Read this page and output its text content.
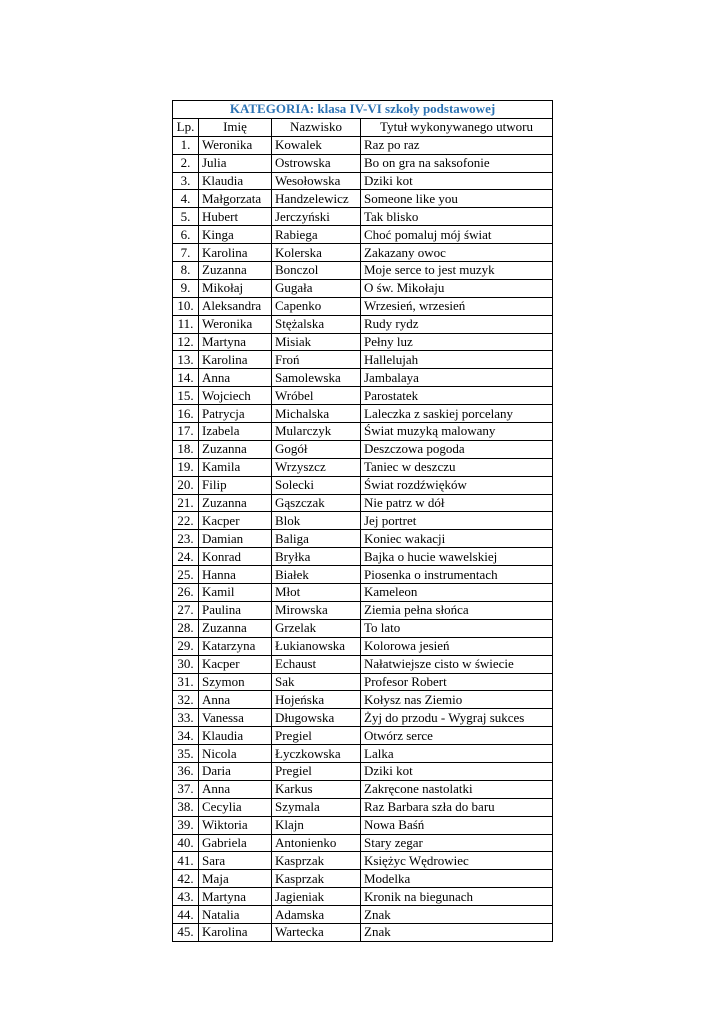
KATEGORIA: klasa IV-VI szkoły podstawowej			
Lp.	Imię	Nazwisko	Tytuł wykonywanego utworu
1.	Weronika	Kowalek	Raz po raz
2.	Julia	Ostrowska	Bo on gra na saksofonie
3.	Klaudia	Wesołowska	Dziki kot
4.	Małgorzata	Handzelewicz	Someone like you
5.	Hubert	Jerczyński	Tak blisko
6.	Kinga	Rabiega	Choć pomaluj mój świat
7.	Karolina	Kolerska	Zakazany owoc
8.	Zuzanna	Bonczol	Moje serce to jest muzyk
9.	Mikołaj	Gugała	O św. Mikołaju
10.	Aleksandra	Capenko	Wrzesień, wrzesień
11.	Weronika	Stężalska	Rudy rydz
12.	Martyna	Misiak	Pełny luz
13.	Karolina	Froń	Hallelujah
14.	Anna	Samolewska	Jambalaya
15.	Wojciech	Wróbel	Parostatek
16.	Patrycja	Michalska	Laleczka z saskiej porcelany
17.	Izabela	Mularczyk	Świat muzyką malowany
18.	Zuzanna	Gogół	Deszczowa pogoda
19.	Kamila	Wrzyszcz	Taniec w deszczu
20.	Filip	Solecki	Świat rozdźwięków
21.	Zuzanna	Gąszczak	Nie patrz w dół
22.	Kacper	Blok	Jej portret
23.	Damian	Baliga	Koniec wakacji
24.	Konrad	Bryłka	Bajka o hucie wawelskiej
25.	Hanna	Białek	Piosenka o instrumentach
26.	Kamil	Młot	Kameleon
27.	Paulina	Mirowska	Ziemia pełna słońca
28.	Zuzanna	Grzelak	To lato
29.	Katarzyna	Łukianowska	Kolorowa jesień
30.	Kacper	Echaust	Nałatwiejsze cisto w świecie
31.	Szymon	Sak	Profesor Robert
32.	Anna	Hojeńska	Kołysz nas Ziemio
33.	Vanessa	Długowska	Żyj do przodu - Wygraj sukces
34.	Klaudia	Pregiel	Otwórz serce
35.	Nicola	Łyczkowska	Lalka
36.	Daria	Pregiel	Dziki kot
37.	Anna	Karkus	Zakręcone nastolatki
38.	Cecylia	Szymala	Raz Barbara szła do baru
39.	Wiktoria	Klajn	Nowa Baśń
40.	Gabriela	Antonienko	Stary zegar
41.	Sara	Kasprzak	Księżyc Wędrowiec
42.	Maja	Kasprzak	Modelka
43.	Martyna	Jagieniak	Kronik na biegunach
44.	Natalia	Adamska	Znak
45.	Karolina	Wartecka	Znak
